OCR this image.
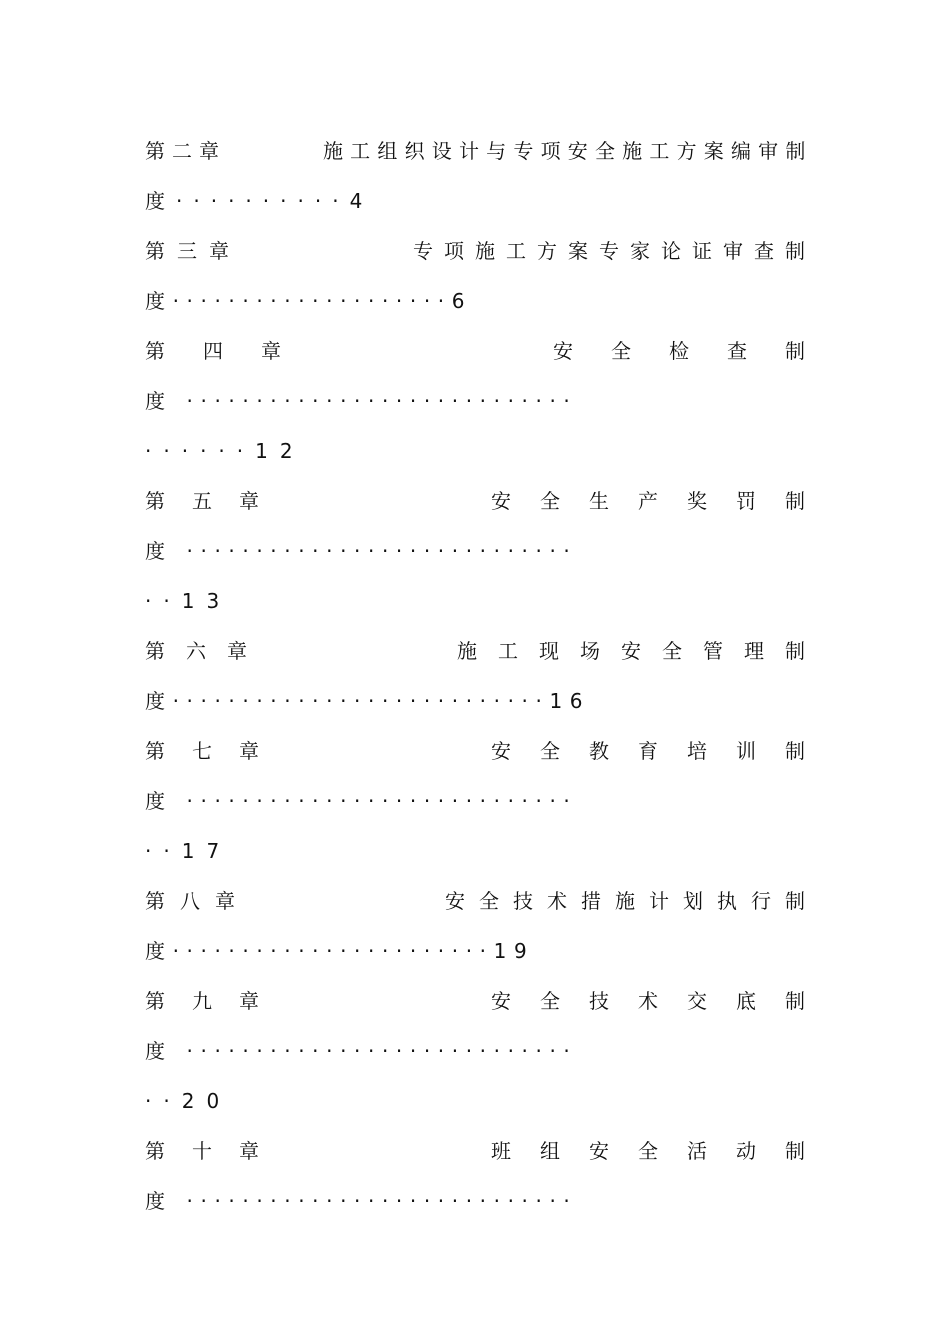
第二章	施工组织设计与专项安全施工方案编审制
度··········4
第三章	专项施工方案专家论证审查制
度····················6
第四章	安全检查制
度 ····························
······12
第五章	安全生产奖罚制
度 ····························
··13
第六章	施工现场安全管理制
度···························16
第七章	安全教育培训制
度 ····························
··17
第八章	安全技术措施计划执行制
度·······················19
第九章	安全技术交底制
度 ····························
··20
第十章	班组安全活动制
度 ····························
